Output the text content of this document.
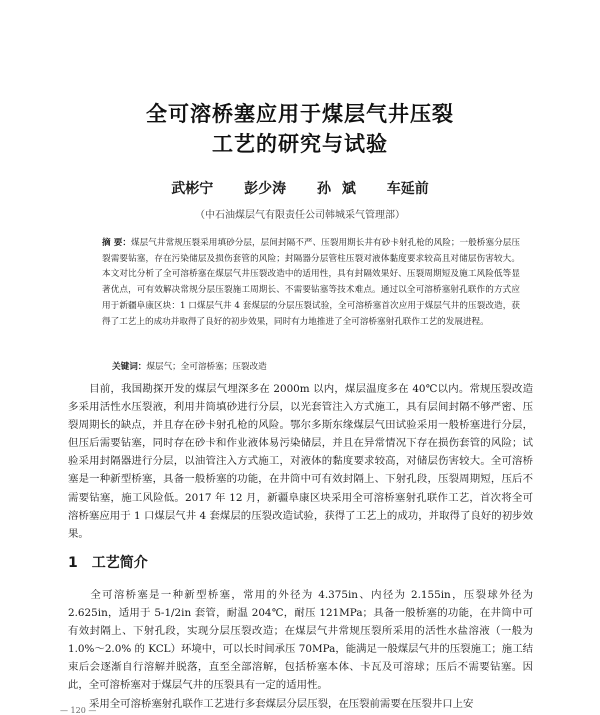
全可溶桥塞应用于煤层气井压裂
工艺的研究与试验
武彬宁 彭少涛 孙 斌 车延前
（中石油煤层气有限责任公司韩城采气管理部）
摘 要：煤层气井常规压裂采用填砂分层，层间封隔不严、压裂用期长井有砂卡射孔枪的风险；一般桥塞分层压裂需要钻塞，存在污染储层及损伤套管的风险；封隔器分层管柱压裂对液体黏度要求较高且对储层伤害较大。本文对比分析了全可溶桥塞在煤层气井压裂改造中的适用性，具有封隔效果好、压裂周期短及施工风险低等显著优点，可有效解决常规分层压裂施工周期长、不需要钻塞等技术难点。通过以全可溶桥塞射孔联作的方式应用于新疆阜康区块：1 口煤层气井 4 套煤层的分层压裂试验，全可溶桥塞首次应用于煤层气井的压裂改造，获得了工艺上的成功并取得了良好的初步效果，同时有力地推进了全可溶桥塞射孔联作工艺的发展进程。
关键词：煤层气；全可溶桥塞；压裂改造
目前，我国勘探开发的煤层气埋深多在 2000m 以内，煤层温度多在 40℃以内。常规压裂改造多采用活性水压裂液，利用井筒填砂进行分层，以光套管注入方式施工，具有层间封隔不够严密、压裂周期长的缺点，并且存在砂卡射孔枪的风险。鄂尔多斯东缘煤层气田试验采用一般桥塞进行分层，但压后需要钻塞，同时存在砂卡和作业液体易污染储层，并且在异常情况下存在损伤套管的风险；试验采用封隔器进行分层，以油管注入方式施工，对液体的黏度要求较高，对储层伤害较大。全可溶桥塞是一种新型桥塞，具备一般桥塞的功能，在井筒中可有效封隔上、下射孔段，压裂周期短，压后不需要钻塞，施工风险低。2017 年 12 月，新疆阜康区块采用全可溶桥塞射孔联作工艺，首次将全可溶桥塞应用于 1 口煤层气井 4 套煤层的压裂改造试验，获得了工艺上的成功，并取得了良好的初步效果。
1 工艺简介
全可溶桥塞是一种新型桥塞，常用的外径为 4.375in、内径为 2.155in，压裂球外径为 2.625in，适用于 5-1/2in 套管，耐温 204℃，耐压 121MPa；具备一般桥塞的功能，在井筒中可有效封隔上、下射孔段，实现分层压裂改造；在煤层气井常规压裂所采用的活性水盐溶液（一般为 1.0%～2.0% 的 KCL）环境中，可以长时间承压 70MPa，能满足一般煤层气井的压裂施工；施工结束后会逐渐自行溶解并脱落，直至全部溶解，包括桥塞本体、卡瓦及可溶球；压后不需要钻塞。因此，全可溶桥塞对于煤层气井的压裂具有一定的适用性。
采用全可溶桥塞射孔联作工艺进行多套煤层分层压裂，在压裂前需要在压裂井口上安
— 120 —
